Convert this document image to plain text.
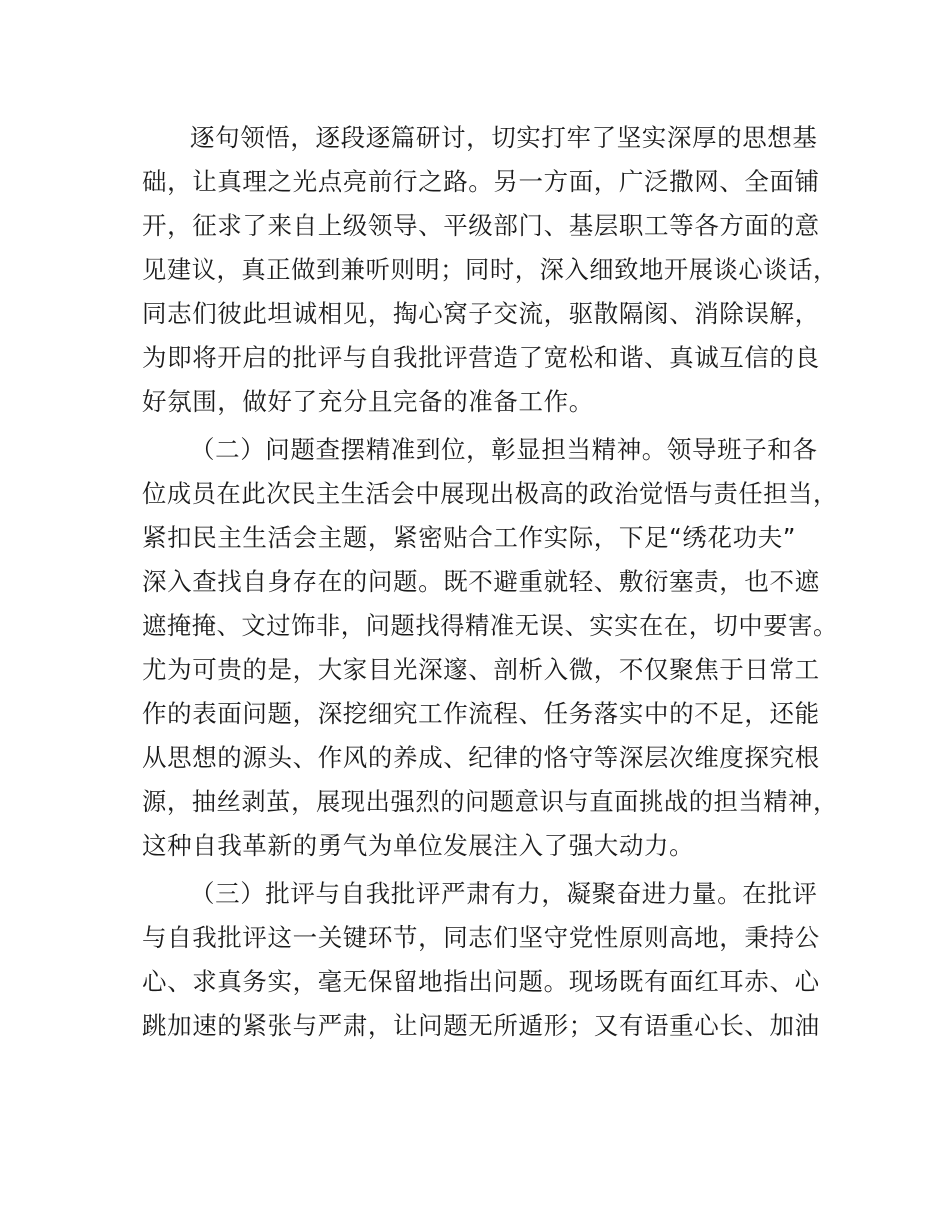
逐句领悟，逐段逐篇研讨，切实打牢了坚实深厚的思想基

础，让真理之光点亮前行之路。另一方面，广泛撒网、全面铺

开，征求了来自上级领导、平级部门、基层职工等各方面的意

见建议，真正做到兼听则明；同时，深入细致地开展谈心谈话，

同志们彼此坦诚相见，掏心窝子交流，驱散隔阂、消除误解，

为即将开启的批评与自我批评营造了宽松和谐、真诚互信的良

好氛围，做好了充分且完备的准备工作。

（二）问题查摆精准到位，彰显担当精神。领导班子和各

位成员在此次民主生活会中展现出极高的政治觉悟与责任担当，

紧扣民主生活会主题，紧密贴合工作实际，下足“绣花功夫”

深入查找自身存在的问题。既不避重就轻、敷衍塞责，也不遮

遮掩掩、文过饰非，问题找得精准无误、实实在在，切中要害。

尤为可贵的是，大家目光深邃、剖析入微，不仅聚焦于日常工

作的表面问题，深挖细究工作流程、任务落实中的不足，还能

从思想的源头、作风的养成、纪律的恪守等深层次维度探究根

源，抽丝剥茧，展现出强烈的问题意识与直面挑战的担当精神，

这种自我革新的勇气为单位发展注入了强大动力。

（三）批评与自我批评严肃有力，凝聚奋进力量。在批评

与自我批评这一关键环节，同志们坚守党性原则高地，秉持公

心、求真务实，毫无保留地指出问题。现场既有面红耳赤、心

跳加速的紧张与严肃，让问题无所遁形；又有语重心长、加油
